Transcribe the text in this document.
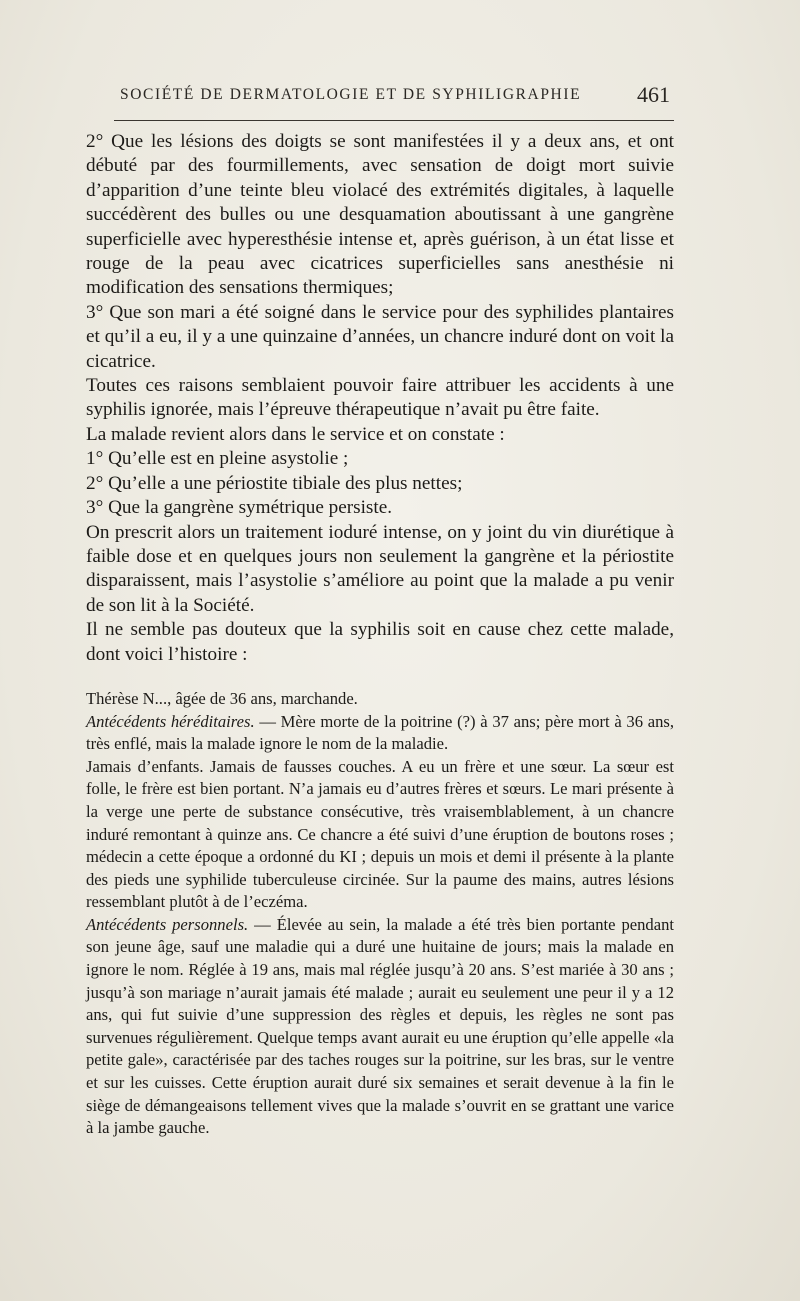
SOCIÉTÉ DE DERMATOLOGIE ET DE SYPHILIGRAPHIE	461

2° Que les lésions des doigts se sont manifestées il y a deux ans, et ont débuté par des fourmillements, avec sensation de doigt mort suivie d’apparition d’une teinte bleu violacé des extrémités digitales, à laquelle succédèrent des bulles ou une desquamation aboutissant à une gangrène superficielle avec hyperesthésie intense et, après guérison, à un état lisse et rouge de la peau avec cicatrices superficielles sans anesthésie ni modification des sensations thermiques;

3° Que son mari a été soigné dans le service pour des syphilides plantaires et qu’il a eu, il y a une quinzaine d’années, un chancre induré dont on voit la cicatrice.

Toutes ces raisons semblaient pouvoir faire attribuer les accidents à une syphilis ignorée, mais l’épreuve thérapeutique n’avait pu être faite.

La malade revient alors dans le service et on constate :

1° Qu’elle est en pleine asystolie ;

2° Qu’elle a une périostite tibiale des plus nettes;

3° Que la gangrène symétrique persiste.

On prescrit alors un traitement ioduré intense, on y joint du vin diurétique à faible dose et en quelques jours non seulement la gangrène et la périostite disparaissent, mais l’asystolie s’améliore au point que la malade a pu venir de son lit à la Société.

Il ne semble pas douteux que la syphilis soit en cause chez cette malade, dont voici l’histoire :

Thérèse N..., âgée de 36 ans, marchande.

Antécédents héréditaires. — Mère morte de la poitrine (?) à 37 ans; père mort à 36 ans, très enflé, mais la malade ignore le nom de la maladie.

Jamais d’enfants. Jamais de fausses couches. A eu un frère et une sœur. La sœur est folle, le frère est bien portant. N’a jamais eu d’autres frères et sœurs. Le mari présente à la verge une perte de substance consécutive, très vraisemblablement, à un chancre induré remontant à quinze ans. Ce chancre a été suivi d’une éruption de boutons roses ; médecin a cette époque a ordonné du KI ; depuis un mois et demi il présente à la plante des pieds une syphilide tuberculeuse circinée. Sur la paume des mains, autres lésions ressemblant plutôt à de l’eczéma.

Antécédents personnels. — Élevée au sein, la malade a été très bien portante pendant son jeune âge, sauf une maladie qui a duré une huitaine de jours; mais la malade en ignore le nom. Réglée à 19 ans, mais mal réglée jusqu’à 20 ans. S’est mariée à 30 ans ; jusqu’à son mariage n’aurait jamais été malade ; aurait eu seulement une peur il y a 12 ans, qui fut suivie d’une suppression des règles et depuis, les règles ne sont pas survenues régulièrement. Quelque temps avant aurait eu une éruption qu’elle appelle «la petite gale», caractérisée par des taches rouges sur la poitrine, sur les bras, sur le ventre et sur les cuisses. Cette éruption aurait duré six semaines et serait devenue à la fin le siège de démangeaisons tellement vives que la malade s’ouvrit en se grattant une varice à la jambe gauche.
